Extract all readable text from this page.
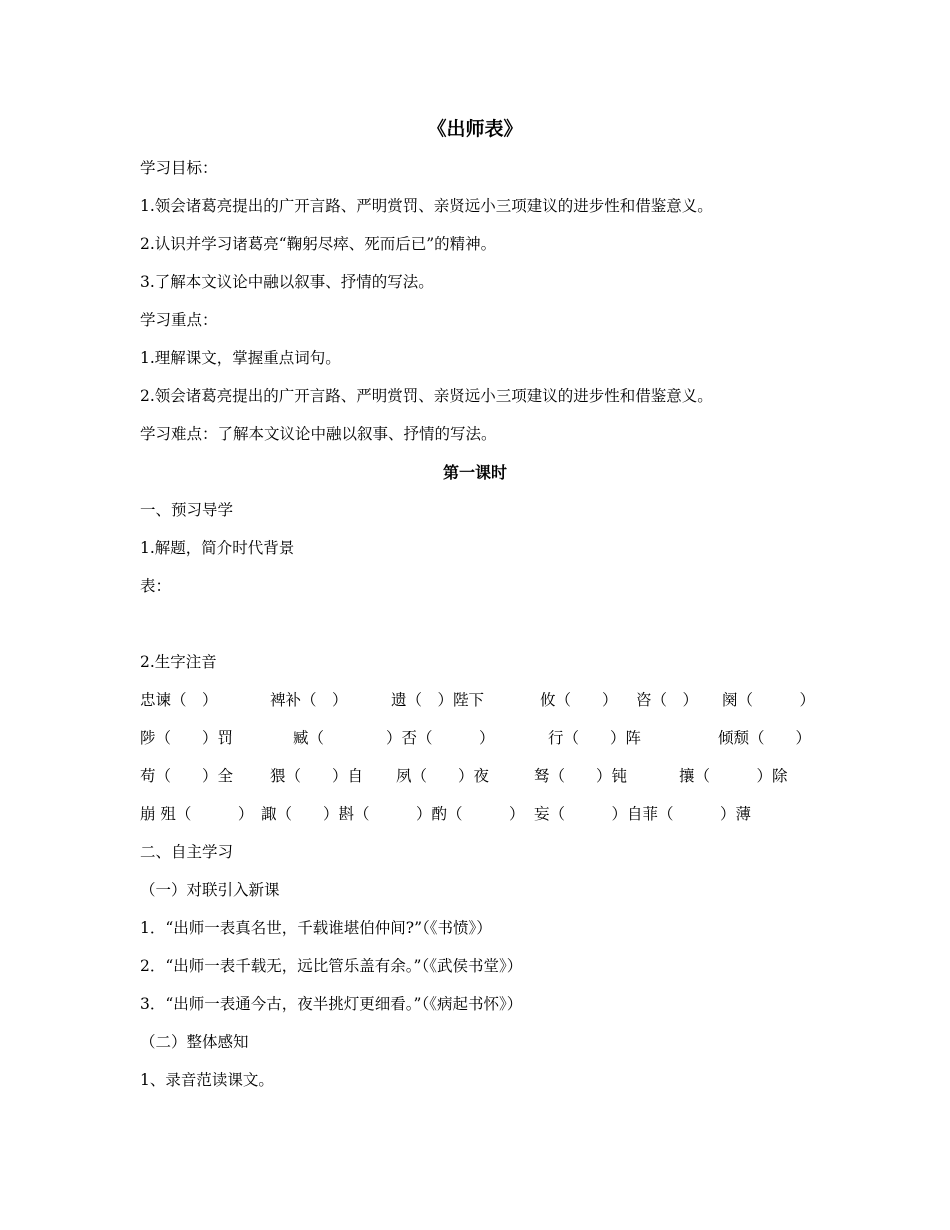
《出师表》
学习目标：
1.领会诸葛亮提出的广开言路、严明赏罚、亲贤远小三项建议的进步性和借鉴意义。
2.认识并学习诸葛亮“鞠躬尽瘁、死而后已”的精神。
3.了解本文议论中融以叙事、抒情的写法。
学习重点：
1.理解课文，掌握重点词句。
2.领会诸葛亮提出的广开言路、严明赏罚、亲贤远小三项建议的进步性和借鉴意义。
学习难点：了解本文议论中融以叙事、抒情的写法。
第一课时
一、预习导学
1.解题，简介时代背景
表：
2.生字注音
忠谏（　）	裨补（　）	遗（　）陛下	攸（　　） 咨（　） 阕（　　　）
陟（　　）罚	臧（　　　　）否（　　　）	行（　　）阵	倾颓（　　）
苟（　　）全 猥（　　）自 夙（　　）夜	驽（　　）钝	攘（　　　）除
崩 殂（　　　） 諏（　　）斟（　　　）酌（　　　） 妄（　　　）自菲（　　　）薄
二、自主学习
（一）对联引入新课
1．“出师一表真名世，千载谁堪伯仲间?”（《书愤》）
2．“出师一表千载无，远比管乐盖有余。”（《武侯书堂》）
3．“出师一表通今古，夜半挑灯更细看。”（《病起书怀》）
（二）整体感知
1、录音范读课文。
